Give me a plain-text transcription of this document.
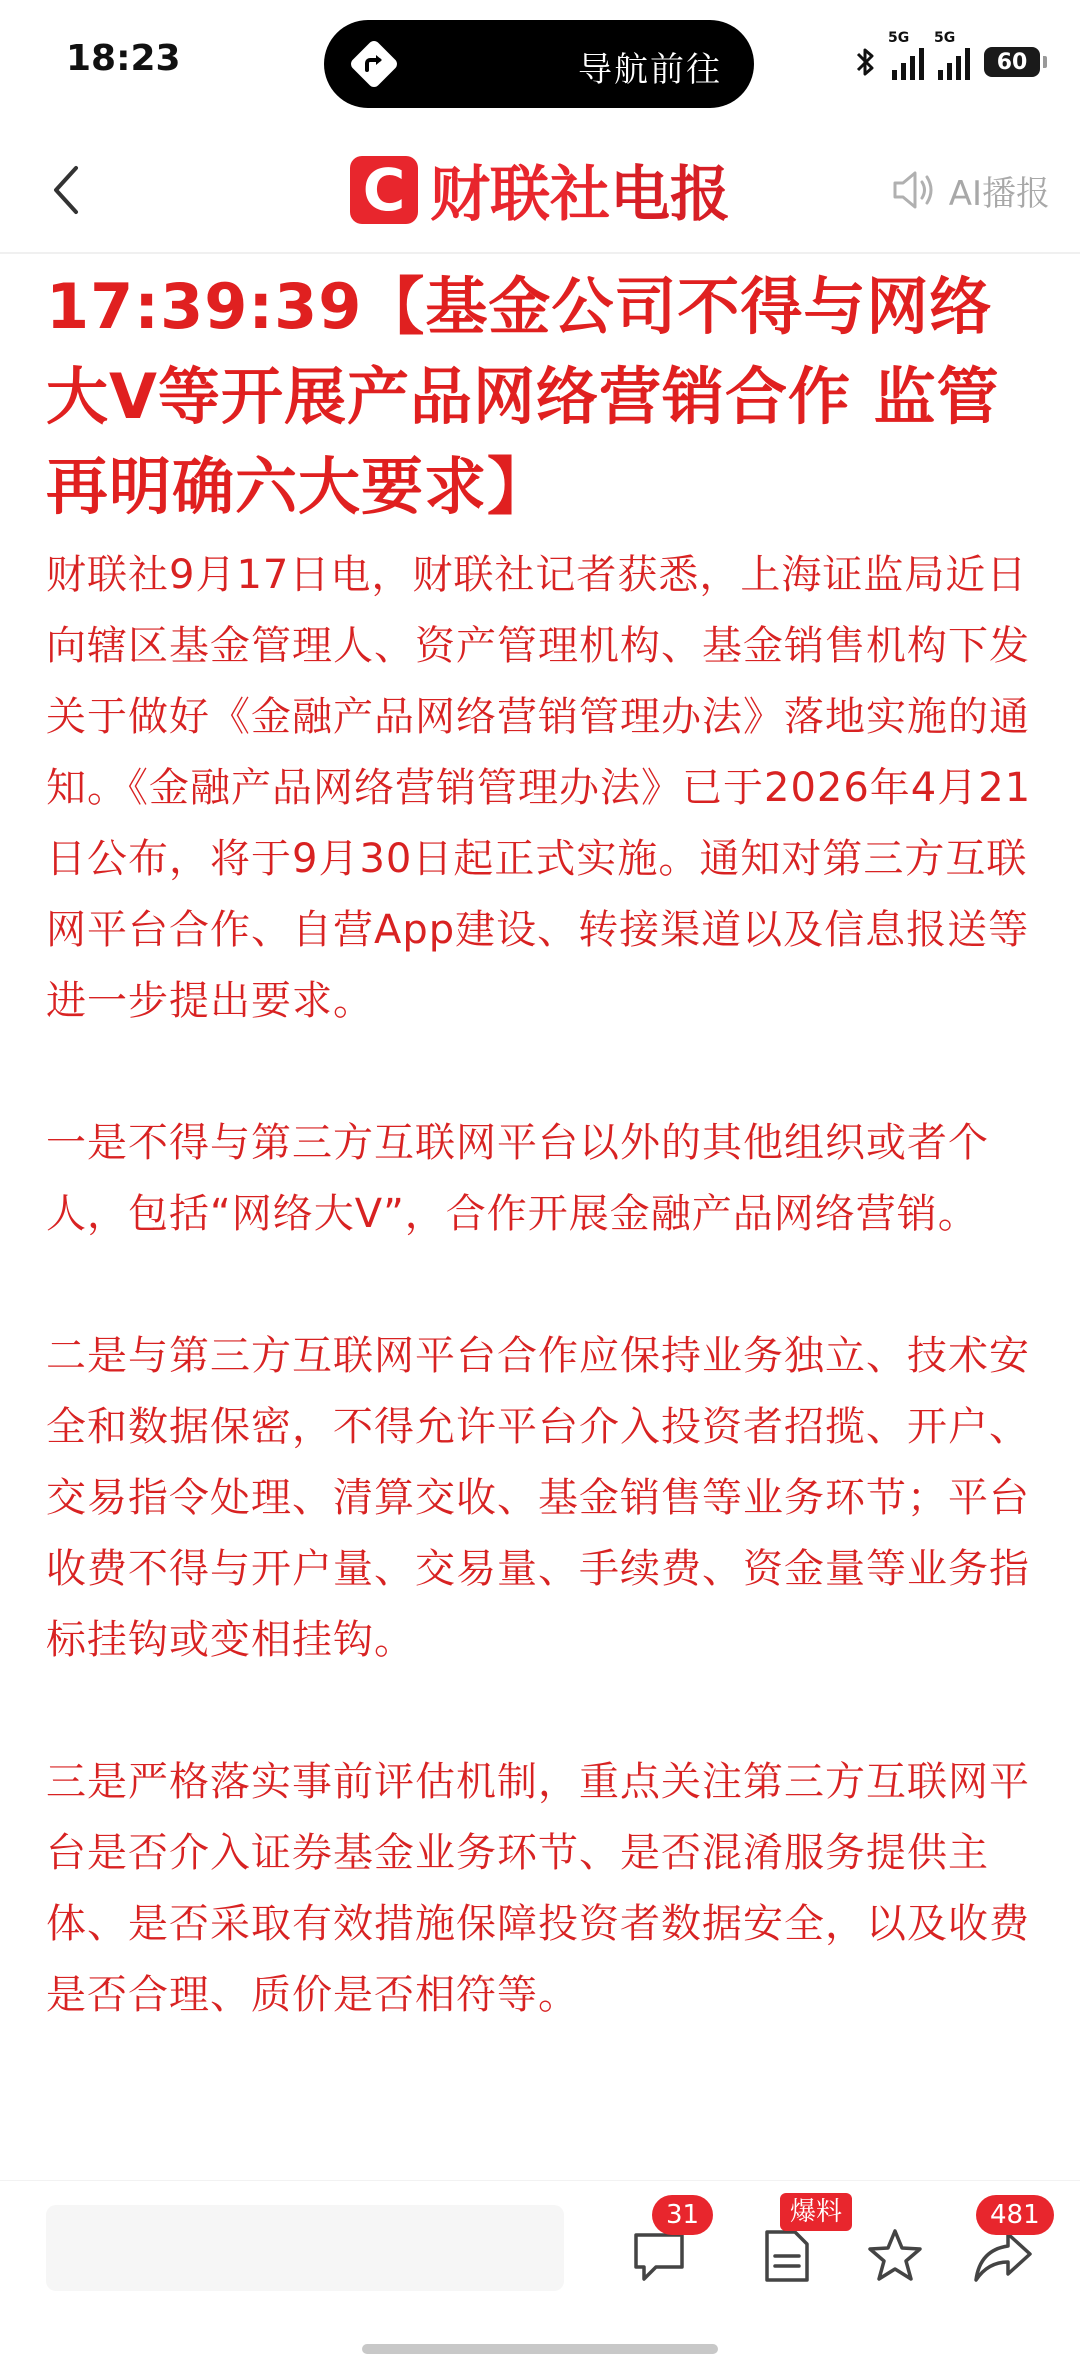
18:23	导航前往
5G 5G
60
C 财联社电报	AI播报
17:39:39【基金公司不得与网络大V等开展产品网络营销合作 监管再明确六大要求】

财联社9月17日电，财联社记者获悉，上海证监局近日向辖区基金管理人、资产管理机构、基金销售机构下发关于做好《金融产品网络营销管理办法》落地实施的通知。《金融产品网络营销管理办法》已于2026年4月21日公布，将于9月30日起正式实施。通知对第三方互联网平台合作、自营App建设、转接渠道以及信息报送等进一步提出要求。

一是不得与第三方互联网平台以外的其他组织或者个人，包括“网络大V”，合作开展金融产品网络营销。

二是与第三方互联网平台合作应保持业务独立、技术安全和数据保密，不得允许平台介入投资者招揽、开户、交易指令处理、清算交收、基金销售等业务环节；平台收费不得与开户量、交易量、手续费、资金量等业务指标挂钩或变相挂钩。

三是严格落实事前评估机制，重点关注第三方互联网平台是否介入证券基金业务环节、是否混淆服务提供主体、是否采取有效措施保障投资者数据安全，以及收费是否合理、质价是否相符等。

31	爆料	481
